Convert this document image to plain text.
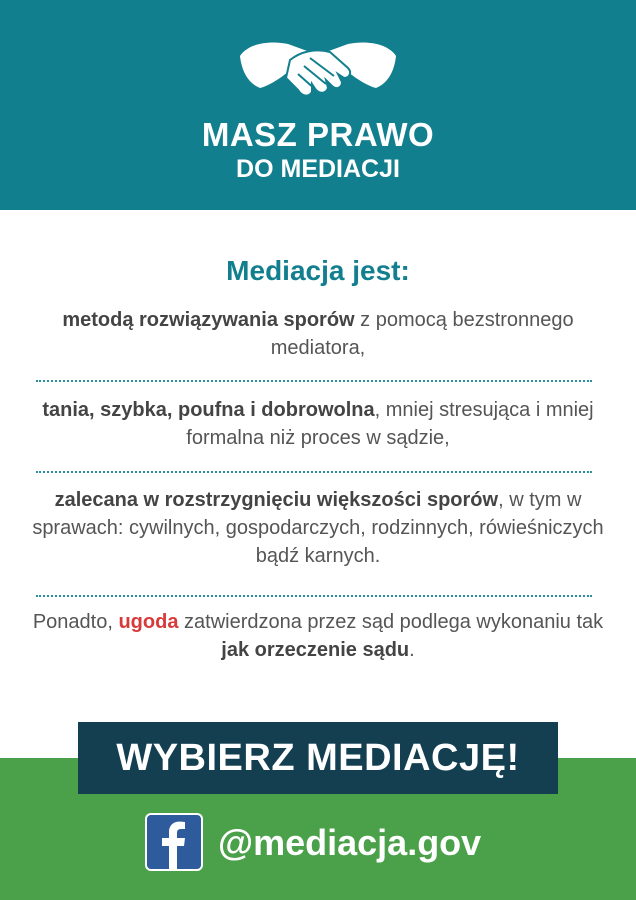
MASZ PRAWO
DO MEDIACJI
Mediacja jest:
metodą rozwiązywania sporów z pomocą bezstronnego mediatora,
tania, szybka, poufna i dobrowolna, mniej stresująca i mniej formalna niż proces w sądzie,
zalecana w rozstrzygnięciu większości sporów, w tym w sprawach: cywilnych, gospodarczych, rodzinnych, rówieśniczych bądź karnych.
Ponadto, ugoda zatwierdzona przez sąd podlega wykonaniu tak jak orzeczenie sądu.
WYBIERZ MEDIACJĘ!
@mediacja.gov
